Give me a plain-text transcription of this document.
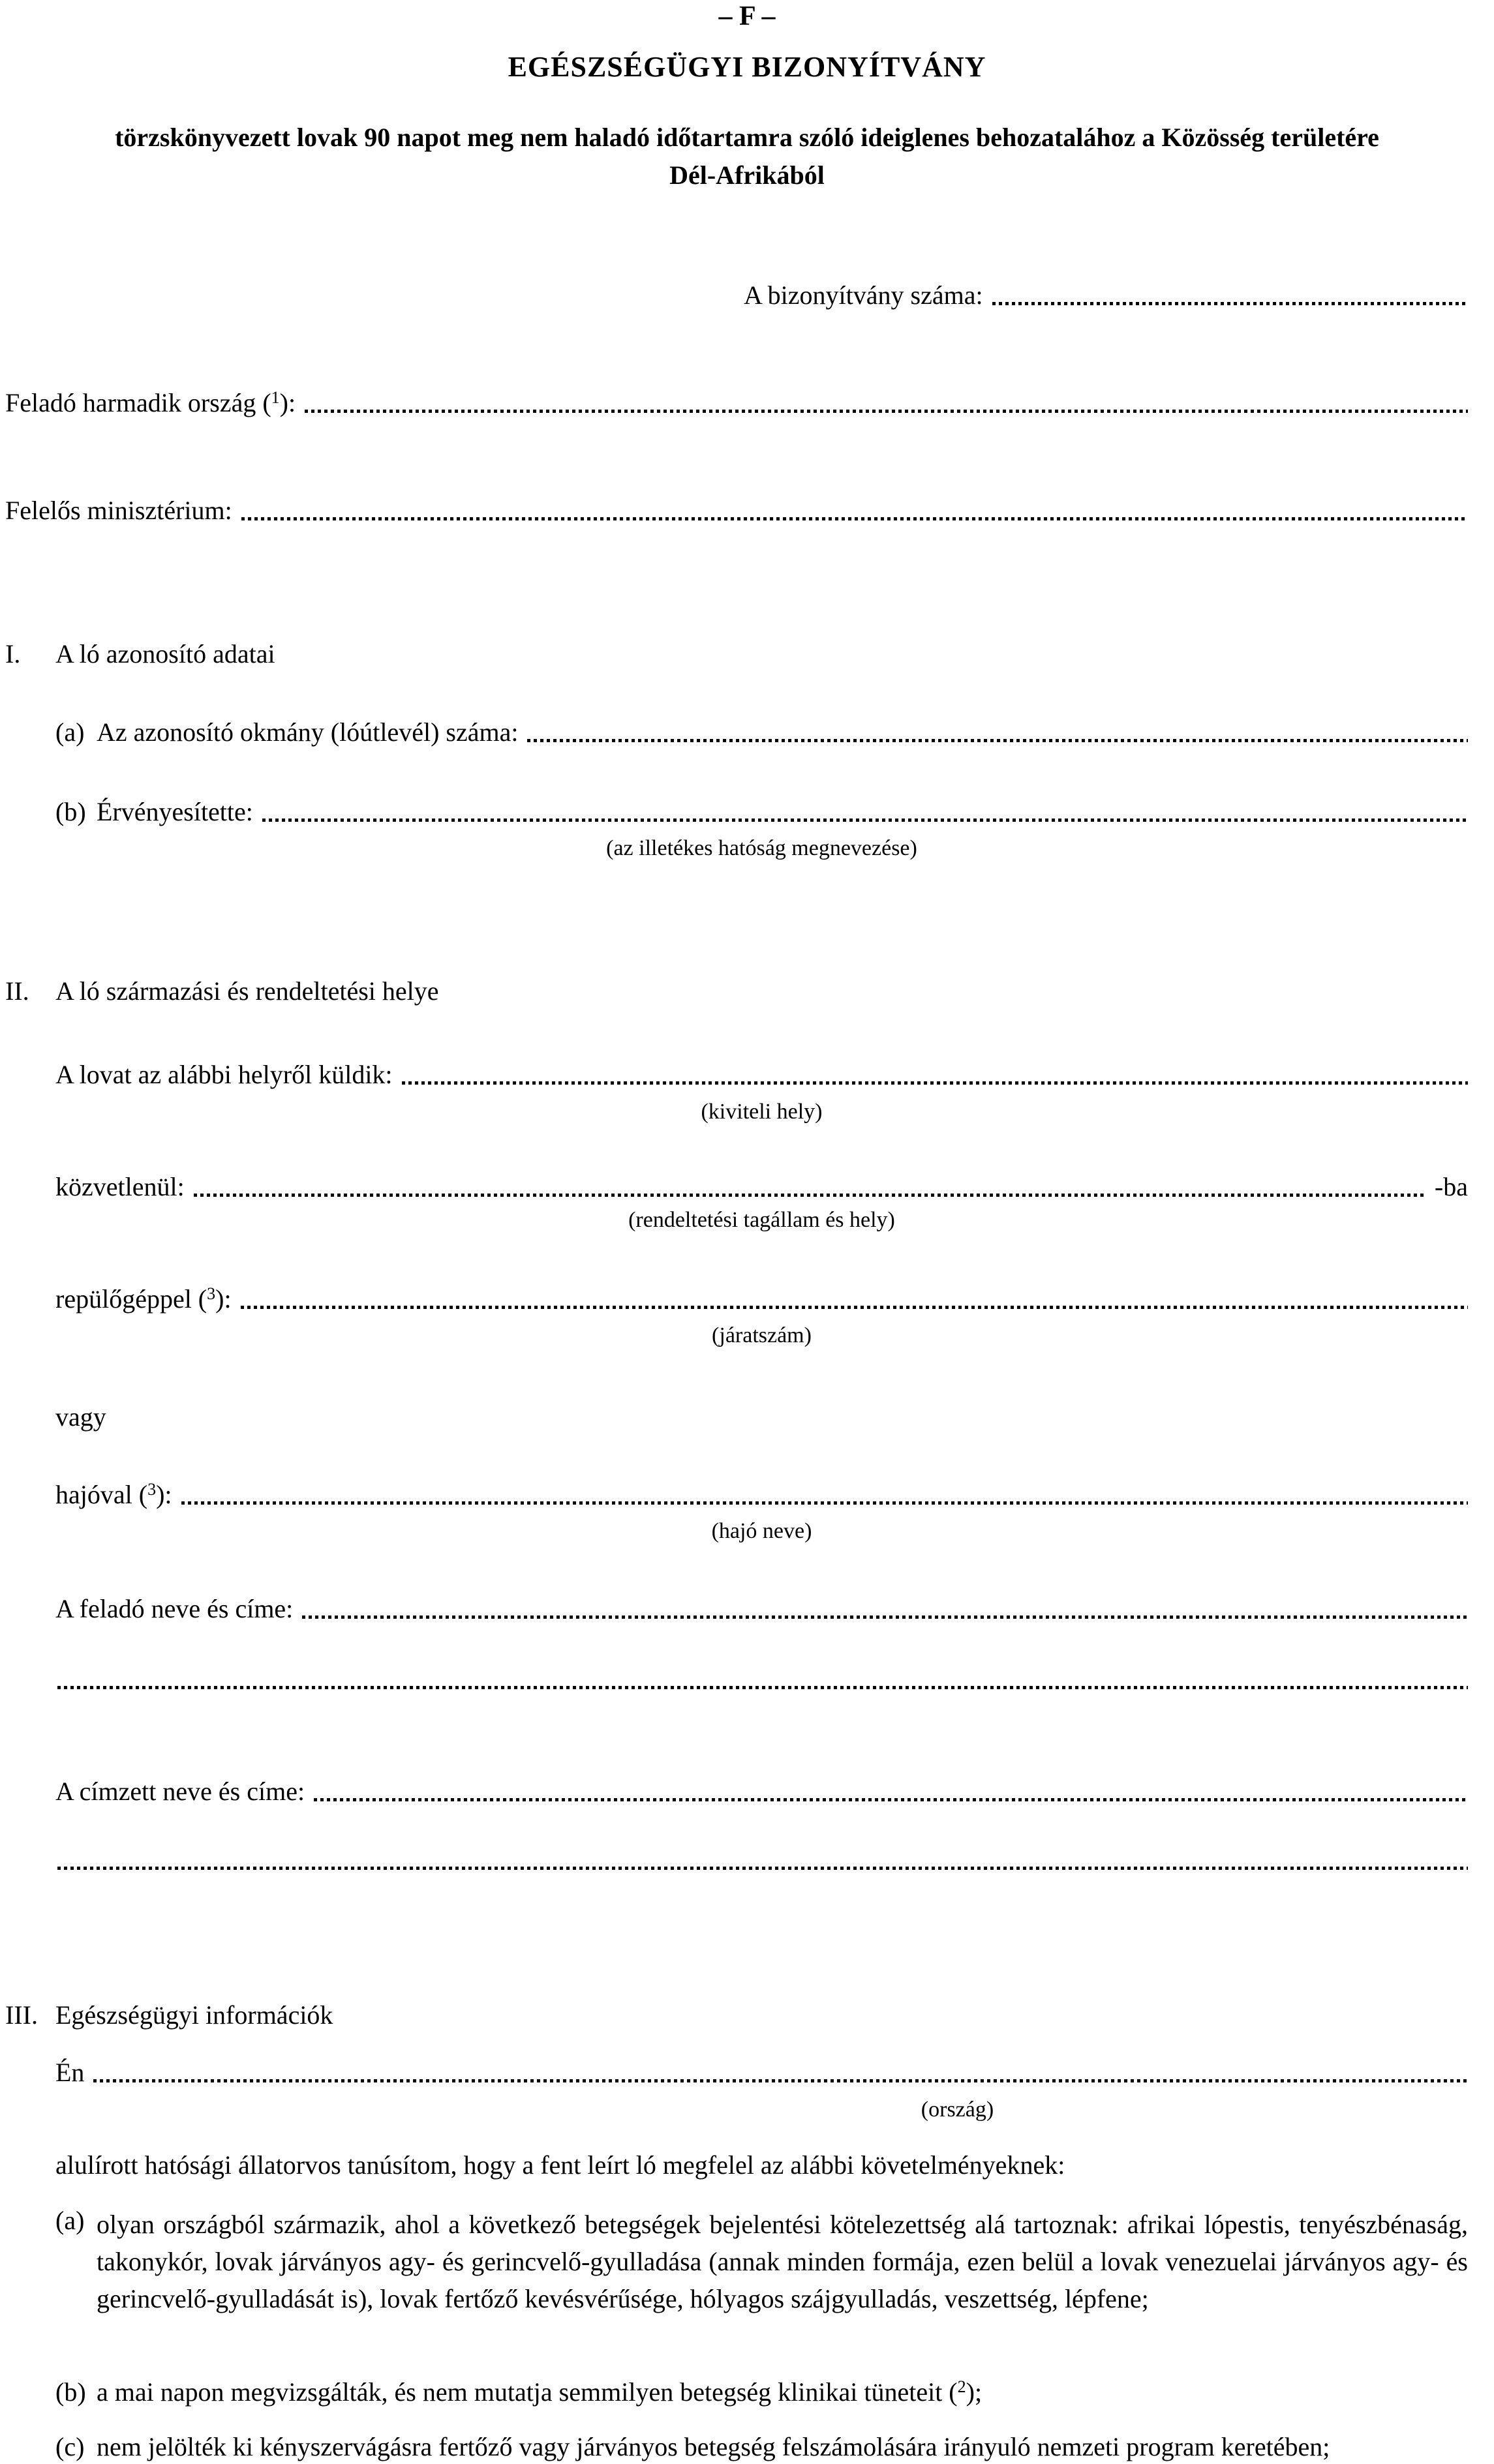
– F –
EGÉSZSÉGÜGYI BIZONYÍTVÁNY
törzskönyvezett lovak 90 napot meg nem haladó időtartamra szóló ideiglenes behozatalához a Közösség területére
Dél-Afrikából
A bizonyítvány száma:
Feladó harmadik ország ($^1$):
Felelős minisztérium:
I. A ló azonosító adatai
(a) Az azonosító okmány (lóútlevél) száma:
(b) Érvényesítette:
(az illetékes hatóság megnevezése)
II. A ló származási és rendeltetési helye
A lovat az alábbi helyről küldik:
(kiviteli hely)
közvetlenül:	-ba
(rendeltetési tagállam és hely)
repülőgéppel ($^3$):
(járatszám)
vagy
hajóval ($^3$):
(hajó neve)
A feladó neve és címe:
A címzett neve és címe:
III. Egészségügyi információk
Én
(ország)
alulírott hatósági állatorvos tanúsítom, hogy a fent leírt ló megfelel az alábbi követelményeknek:
(a) olyan országból származik, ahol a következő betegségek bejelentési kötelezettség alá tartoznak: afrikai lópestis, tenyészbénaság, takonykór, lovak járványos agy- és gerincvelő-gyulladása (annak minden formája, ezen belül a lovak venezuelai járványos agy- és gerincvelő-gyulladását is), lovak fertőző kevésvérűsége, hólyagos szájgyulladás, veszettség, lépfene;
(b) a mai napon megvizsgálták, és nem mutatja semmilyen betegség klinikai tüneteit ($^2$);
(c) nem jelölték ki kényszervágásra fertőző vagy járványos betegség felszámolására irányuló nemzeti program keretében;
